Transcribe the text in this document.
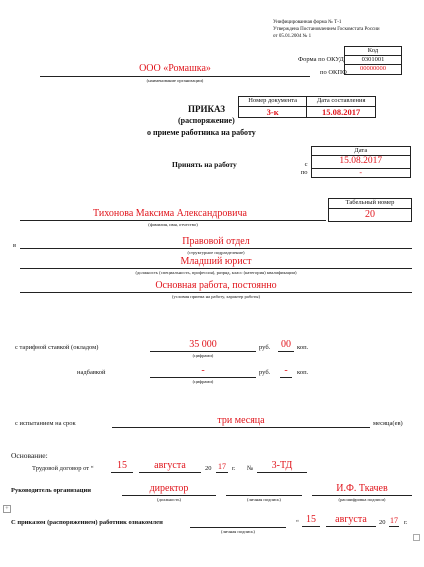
Унифицированная форма № Т-1
Утверждена Постановлением Госкомстата России
от 05.01.2004 № 1
Код
0301001
00000000
Форма по ОКУД
по ОКПО
ООО «Ромашка»
(наименование организации)
ПРИКАЗ
(распоряжение)
о приеме работника на работу
Номер документа	Дата составления
3-к	15.08.2017
Принять на работу
	Дата
с	15.08.2017
по	-
Табельный номер
20
Тихонова Максима Александровича
(фамилия, имя, отчество)
в	Правовой отдел
(структурное подразделение)
Младший юрист
(должность (специальность, профессия), разряд, класс (категория) квалификации)
Основная работа, постоянно
(условия приема на работу, характер работы)
с тарифной ставкой (окладом)	35 000
(цифрами)
руб.	00 коп.
надбавкой	-
(цифрами)
руб.	-	коп.
с испытанием на срок	три месяца	месяца(ев)
Основание:
Трудовой договор от “	15	августа	20 17 г. №	3-ТД
Руководитель организации	директор
(должность)	(личная подпись)
И.Ф. Ткачев
(расшифровка подписи)
+
С приказом (распоряжением) работник ознакомлен
(личная подпись)
“ 15	августа	20 17 г.
